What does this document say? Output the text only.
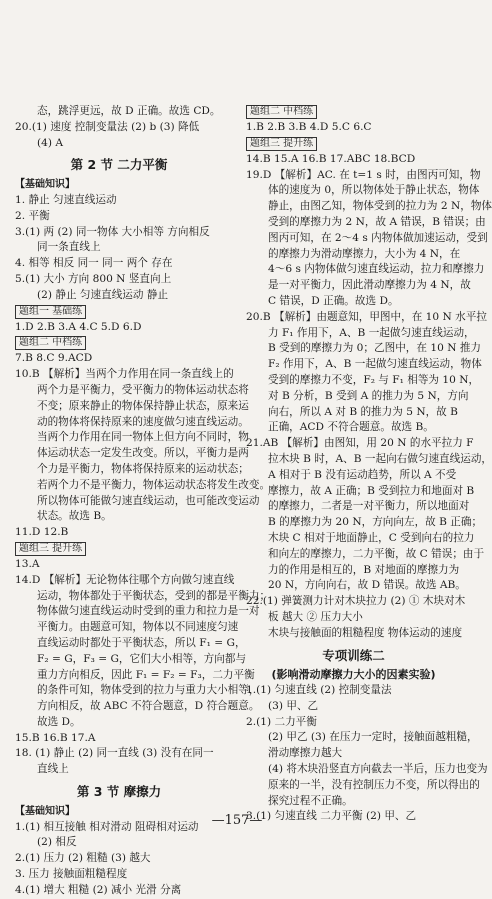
态，跳浮更远，故 D 正确。故选 CD。
20.(1) 速度 控制变量法 (2) b (3) 降低
(4) A
第 2 节 二力平衡
【基础知识】
1. 静止 匀速直线运动
2. 平衡
3.(1) 两 (2) 同一物体 大小相等 方向相反
同一条直线上
4. 相等 相反 同一 同一 两个 存在
5.(1) 大小 方向 800 N 竖直向上
(2) 静止 匀速直线运动 静止
题组一 基础练
1.D 2.B 3.A 4.C 5.D 6.D
题组二 中档练
7.B 8.C 9.ACD
10.B 【解析】当两个力作用在同一条直线上的
两个力是平衡力，受平衡力的物体运动状态将
不变；原来静止的物体保持静止状态，原来运
动的物体将保持原来的速度做匀速直线运动。
当两个力作用在同一物体上但方向不同时，物
体运动状态一定发生改变。所以，平衡力是两
个力是平衡力，物体将保持原来的运动状态；
若两个力不是平衡力，物体运动状态将发生改变。
所以物体可能做匀速直线运动，也可能改变运动
状态。故选 B。
11.D 12.B
题组三 提升练
13.A
14.D 【解析】无论物体往哪个方向做匀速直线
运动，物体都处于平衡状态，受到的都是平衡力；
物体做匀速直线运动时受到的重力和拉力是一对
平衡力。由题意可知，物体以不同速度匀速
直线运动时都处于平衡状态，所以 F₁ = G，
F₂ = G，F₃ = G，它们大小相等，方向都与
重力方向相反，因此 F₁ = F₂ = F₃，二力平衡
的条件可知，物体受到的拉力与重力大小相等，
方向相反，故 ABC 不符合题意，D 符合题意。
故选 D。
15.B 16.B 17.A
18. (1) 静止 (2) 同一直线 (3) 没有在同一
直线上
第 3 节 摩擦力
【基础知识】
1.(1) 相互接触 相对滑动 阻碍相对运动
(2) 相反
2.(1) 压力 (2) 粗糙 (3) 越大
3. 压力 接触面粗糙程度
4.(1) 增大 粗糙 (2) 减小 光滑 分离
题组二 中档练
1.B 2.B 3.B 4.D 5.C 6.C
题组三 提升练
14.B 15.A 16.B 17.ABC 18.BCD
19.D 【解析】AC. 在 t=1 s 时，由图丙可知，物
体的速度为 0，所以物体处于静止状态，物体
静止，由图乙知，物体受到的拉力为 2 N，物体
受到的摩擦力为 2 N，故 A 错误，B 错误；由
图丙可知，在 2～4 s 内物体做加速运动，受到
的摩擦力为滑动摩擦力，大小为 4 N，在
4～6 s 内物体做匀速直线运动，拉力和摩擦力
是一对平衡力，因此滑动摩擦力为 4 N，故
C 错误，D 正确。故选 D。
20.B 【解析】由题意知，甲图中，在 10 N 水平拉
力 F₁ 作用下，A、B 一起做匀速直线运动，
B 受到的摩擦力为 0；乙图中，在 10 N 推力
F₂ 作用下，A、B 一起做匀速直线运动，物体
受到的摩擦力不变，F₂ 与 F₁ 相等为 10 N，
对 B 分析，B 受到 A 的推力为 5 N，方向
向右，所以 A 对 B 的推力为 5 N，故 B
正确，ACD 不符合题意。故选 B。
21.AB 【解析】由图知，用 20 N 的水平拉力 F
拉木块 B 时，A、B 一起向右做匀速直线运动，
A 相对于 B 没有运动趋势，所以 A 不受
摩擦力，故 A 正确；B 受到拉力和地面对 B
的摩擦力，二者是一对平衡力，所以地面对
B 的摩擦力为 20 N，方向向左，故 B 正确；
木块 C 相对于地面静止，C 受到向右的拉力
和向左的摩擦力，二力平衡，故 C 错误；由于
力的作用是相互的，B 对地面的摩擦力为
20 N，方向向右，故 D 错误。故选 AB。
22.(1) 弹簧测力计对木块拉力 (2) ① 木块对木
板 越大 ② 压力大小
木块与接触面的粗糙程度 物体运动的速度
专项训练二
(影响滑动摩擦力大小的因素实验)
1.(1) 匀速直线 (2) 控制变量法
(3) 甲、乙
2.(1) 二力平衡
(2) 甲乙 (3) 在压力一定时，接触面越粗糙，
滑动摩擦力越大
(4) 将木块沿竖直方向截去一半后，压力也变为
原来的一半，没有控制压力不变，所以得出的
探究过程不正确。
3.(1) 匀速直线 二力平衡 (2) 甲、乙
—157—
